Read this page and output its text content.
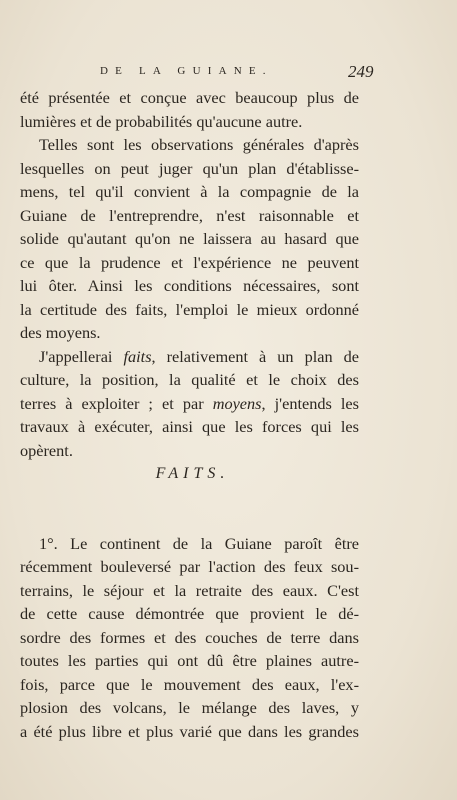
DE LA GUIANE.	249
été présentée et conçue avec beaucoup plus de
lumières et de probabilités qu'aucune autre.
Telles sont les observations générales d'après
lesquelles on peut juger qu'un plan d'établisse-
mens, tel qu'il convient à la compagnie de la
Guiane de l'entreprendre, n'est raisonnable et
solide qu'autant qu'on ne laissera au hasard que
ce que la prudence et l'expérience ne peuvent
lui ôter. Ainsi les conditions nécessaires, sont
la certitude des faits, l'emploi le mieux ordonné
des moyens.
J'appellerai faits, relativement à un plan de
culture, la position, la qualité et le choix des
terres à exploiter ; et par moyens, j'entends les
travaux à exécuter, ainsi que les forces qui les
opèrent.
FAITS.
1°. Le continent de la Guiane paroît être
récemment bouleversé par l'action des feux sou-
terrains, le séjour et la retraite des eaux. C'est
de cette cause démontrée que provient le dé-
sordre des formes et des couches de terre dans
toutes les parties qui ont dû être plaines autre-
fois, parce que le mouvement des eaux, l'ex-
plosion des volcans, le mélange des laves, y
a été plus libre et plus varié que dans les grandes
